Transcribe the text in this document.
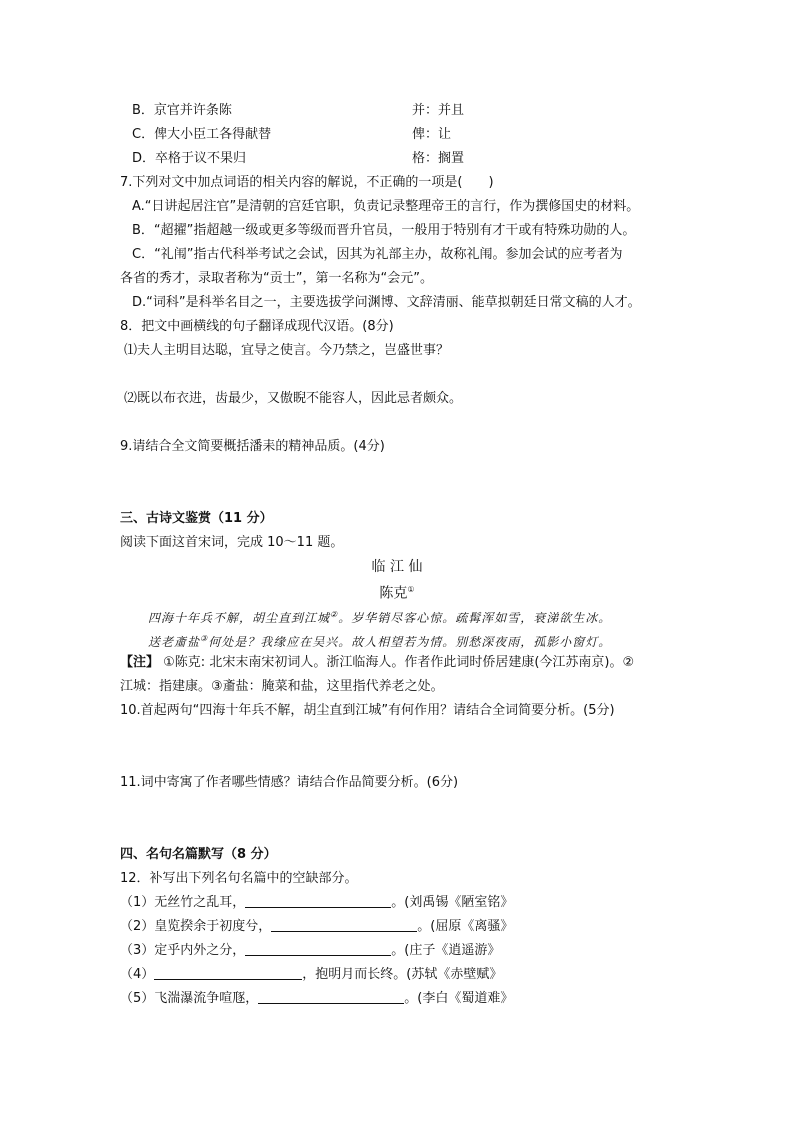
B．京官并许条陈	并：并且
C．俾大小臣工各得献替	俾：让
D．卒格于议不果归	格：搁置
7.下列对文中加点词语的相关内容的解说，不正确的一项是(　　)
A.“日讲起居注官”是清朝的宫廷官职，负责记录整理帝王的言行，作为撰修国史的材料。
B．“超擢”指超越一级或更多等级而晋升官员，一般用于特别有才干或有特殊功勋的人。
C．“礼闱”指古代科举考试之会试，因其为礼部主办，故称礼闱。参加会试的应考者为
各省的秀才，录取者称为“贡士”，第一名称为“会元”。
D.“词科”是科举名目之一，主要选拔学问渊博、文辞清丽、能草拟朝廷日常文稿的人才。
8．把文中画横线的句子翻译成现代汉语。(8分)
⑴夫人主明目达聪，宜导之使言。今乃禁之，岂盛世事？
⑵既以布衣进，齿最少，又傲睨不能容人，因此忌者颇众。
9.请结合全文简要概括潘耒的精神品质。(4分)
三、古诗文鉴赏（11 分）
阅读下面这首宋词，完成 10～11 题。
临 江 仙
陈克①
四海十年兵不解，胡尘直到江城②。岁华销尽客心惊。疏髯浑如雪，衰涕欲生冰。
送老齑盐③何处是？我缘应在吴兴。故人相望若为情。别愁深夜雨，孤影小窗灯。
【注】 ①陈克: 北宋末南宋初词人。浙江临海人。作者作此词时侨居建康(今江苏南京)。②
江城：指建康。③齑盐：腌菜和盐，这里指代养老之处。
10.首起两句“四海十年兵不解，胡尘直到江城”有何作用？请结合全词简要分析。(5分)
11.词中寄寓了作者哪些情感？请结合作品简要分析。(6分)
四、名句名篇默写（8 分）
12．补写出下列名句名篇中的空缺部分。
（1）无丝竹之乱耳，	。(刘禹锡《陋室铭》
（2）皇览揆余于初度兮，	。(屈原《离骚》
（3）定乎内外之分，	。(庄子《逍遥游》
（4）	，抱明月而长终。(苏轼《赤壁赋》
（5）飞湍瀑流争喧豗，	。(李白《蜀道难》
